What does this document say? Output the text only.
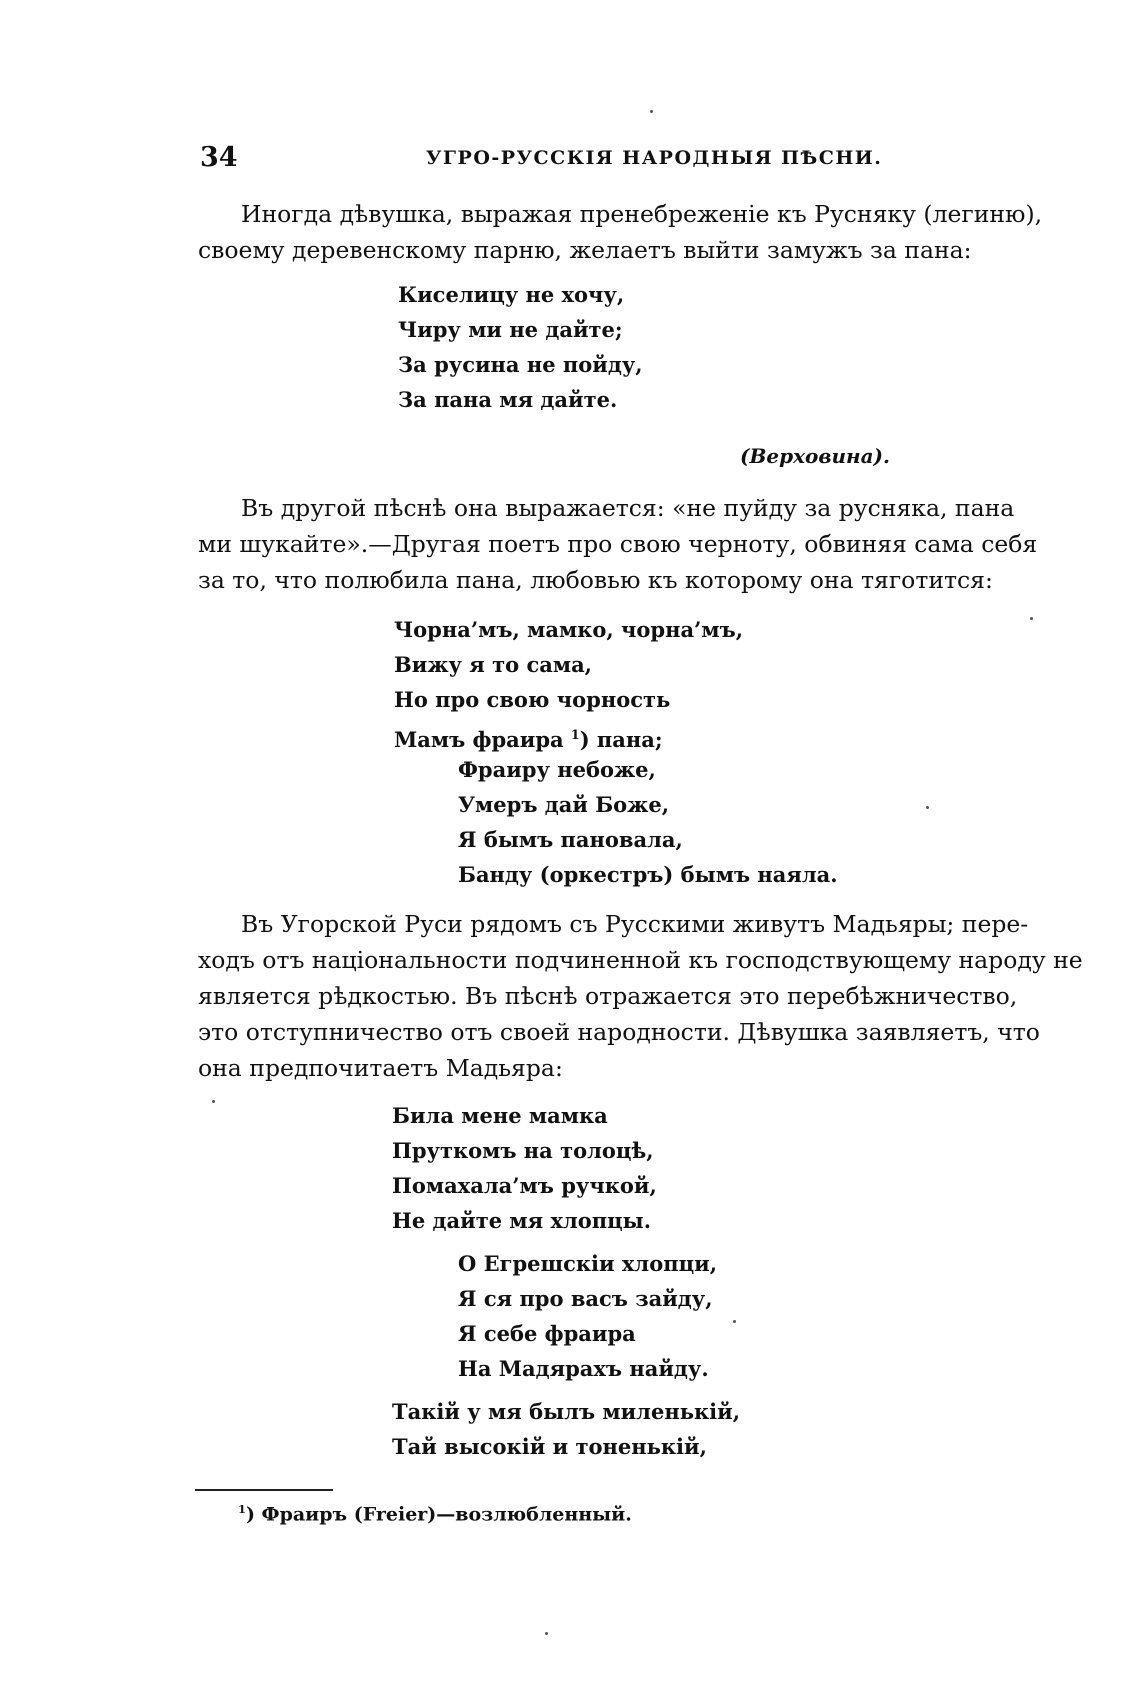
34	УГРО-РУССКІЯ НАРОДНЫЯ ПѢСНИ.

Иногда дѣвушка, выражая пренебреженіе къ Русняку (легиню),
своему деревенскому парню, желаетъ выйти замужъ за пана:

Киселицу не хочу,
Чиру ми не дайте;
За русина не пойду,
За пана мя дайте.
(Верховина).

Въ другой пѣснѣ она выражается: «не пуйду за русняка, пана
ми шукайте».—Другая поетъ про свою черноту, обвиняя сама себя
за то, что полюбила пана, любовью къ которому она тяготится:

Чорна’мъ, мамко, чорна’мъ,
Вижу я то сама,
Но про свою чорность
Мамъ фраира $^1$) пана;
Фраиру небоже,
Умеръ дай Боже,
Я бымъ пановала,
Банду (оркестръ) бымъ наяла.

Въ Угорской Руси рядомъ съ Русскими живутъ Мадьяры; пере-
ходъ отъ національности подчиненной къ господствующему народу не
является рѣдкостью. Въ пѣснѣ отражается это перебѣжничество,
это отступничество отъ своей народности. Дѣвушка заявляетъ, что
она предпочитаетъ Мадьяра:

Била мене мамка
Пруткомъ на толоцѣ,
Помахала’мъ ручкой,
Не дайте мя хлопцы.
О Егрешскіи хлопци,
Я ся про васъ зайду,
Я себе фраира
На Мадярахъ найду.
Такій у мя былъ миленькій,
Тай высокій и тоненькій,
$^1$) Фраиръ (Freier)—возлюбленный.
